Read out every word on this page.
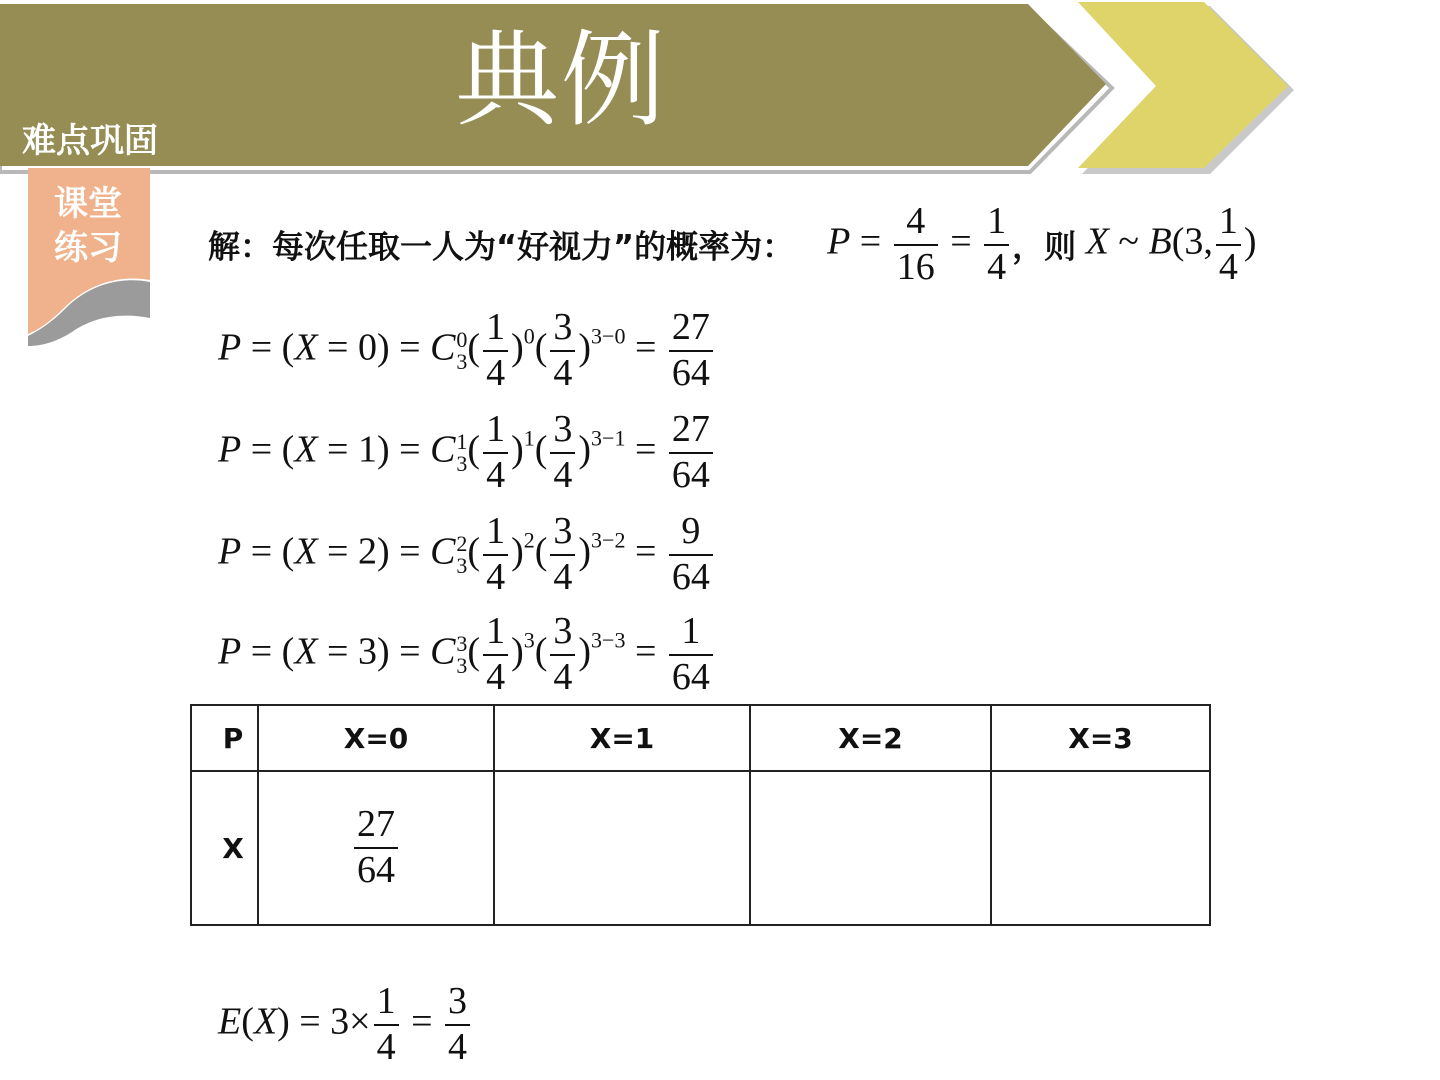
典例
难点巩固
课堂
练习	解：每次任取一人为“好视力”的概率为： $P = \frac{4}{16} = \frac{1}{4}$ ，则 X ~ B(3, $\frac{1}{4}$ )
P = (X = 0) = C 0
3 ( $\frac{1}{4} )^0( \frac{3}{4} )^{3-0} = \frac{27}{64}$
P = (X = 1) = C 1
3 ( $\frac{1}{4} )^1( \frac{3}{4} )^{3-1} = \frac{27}{64}$
P = (X = 2) = C 2
3 ( $\frac{1}{4} )^2( \frac{3}{4} )^{3-2} = \frac{9}{64}$
P = (X = 3) = C 3
3 ( $\frac{1}{4} )^3( \frac{3}{4} )^{3-3} = \frac{1}{64}$
P	X=0	X=1	X=2	X=3
X	$\frac{27}{64}$

$E(X) = 3\times \frac{1}{4} = \frac{3}{4}$
